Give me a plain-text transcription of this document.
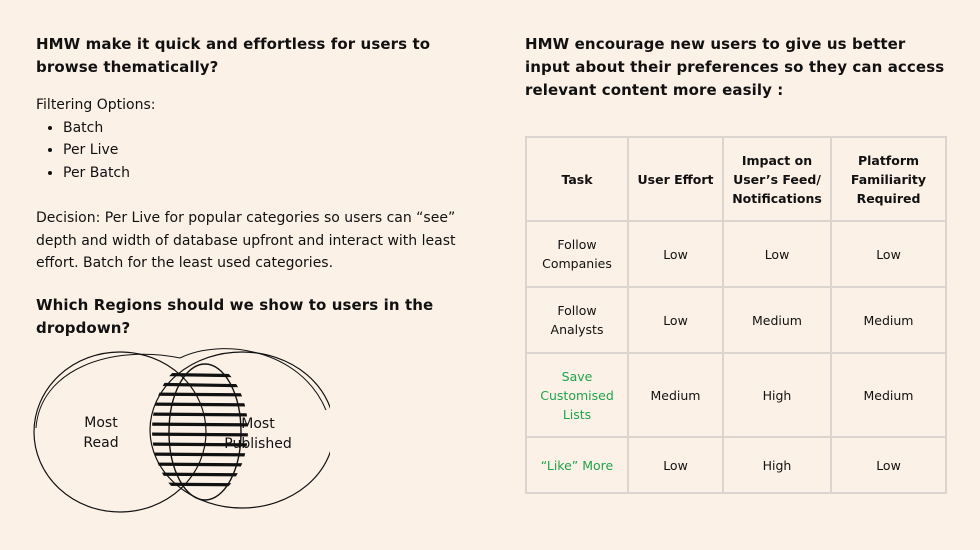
HMW make it quick and effortless for users to browse thematically?
Filtering Options:
• Batch
• Per Live
• Per Batch
Decision: Per Live for popular categories so users can “see” depth and width of database upfront and interact with least effort. Batch for the least used categories.
Which Regions should we show to users in the dropdown?
Most
Read
Most
Published
HMW encourage new users to give us better input about their preferences so they can access relevant content more easily :
Task	User Effort	Impact on User’s Feed/ Notifications	Platform Familiarity Required
Follow Companies	Low	Low	Low
Follow Analysts	Low	Medium	Medium
Save Customised Lists	Medium	High	Medium
“Like” More	Low	High	Low
